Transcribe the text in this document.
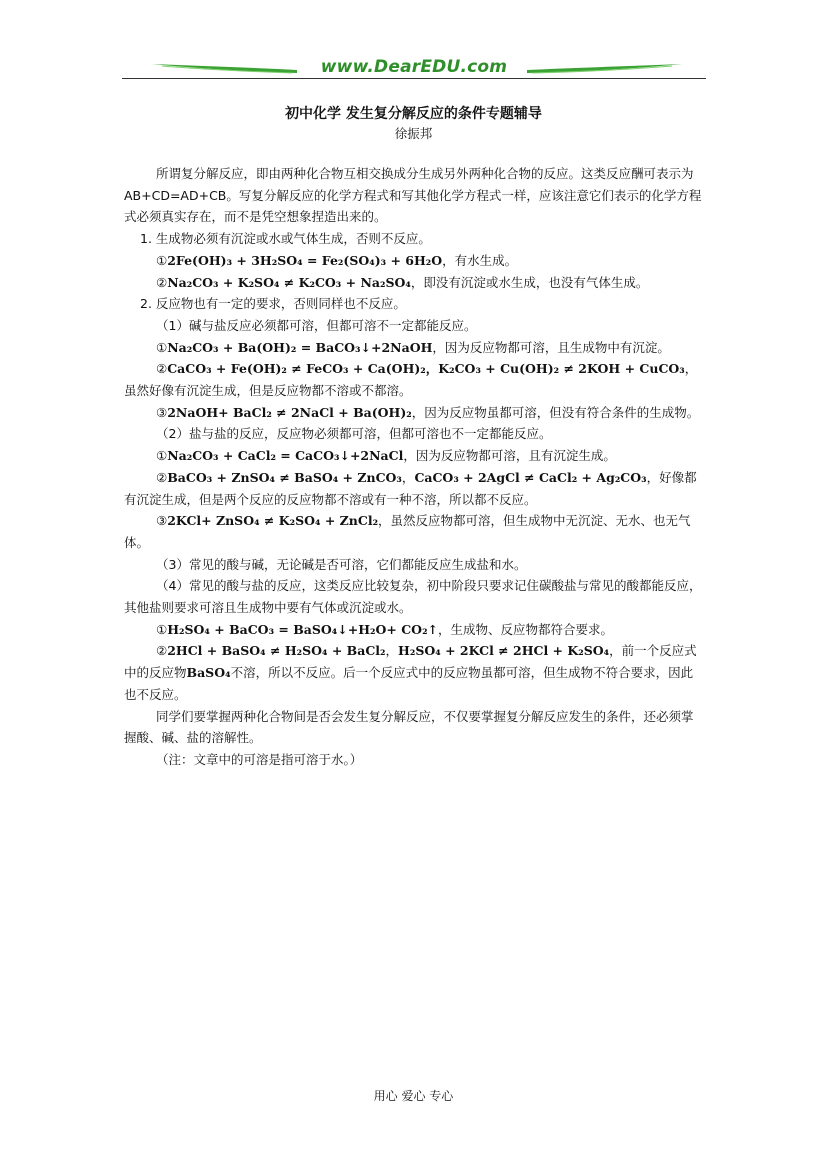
www.DearEDU.com
初中化学 发生复分解反应的条件专题辅导
徐振邦

所谓复分解反应，即由两种化合物互相交换成分生成另外两种化合物的反应。这类反应酬可表示为 AB+CD=AD+CB。写复分解反应的化学方程式和写其他化学方程式一样，应该注意它们表示的化学方程式必须真实存在，而不是凭空想象捏造出来的。

1. 生成物必须有沉淀或水或气体生成，否则不反应。

①2Fe(OH)₃ + 3H₂SO₄ = Fe₂(SO₄)₃ + 6H₂O，有水生成。

②Na₂CO₃ + K₂SO₄ ≠ K₂CO₃ + Na₂SO₄，即没有沉淀或水生成，也没有气体生成。

2. 反应物也有一定的要求，否则同样也不反应。

（1）碱与盐反应必须都可溶，但都可溶不一定都能反应。

①Na₂CO₃ + Ba(OH)₂ = BaCO₃↓+2NaOH，因为反应物都可溶，且生成物中有沉淀。

②CaCO₃ + Fe(OH)₂ ≠ FeCO₃ + Ca(OH)₂，K₂CO₃ + Cu(OH)₂ ≠ 2KOH + CuCO₃，虽然好像有沉淀生成，但是反应物都不溶或不都溶。

③2NaOH+ BaCl₂ ≠ 2NaCl + Ba(OH)₂，因为反应物虽都可溶，但没有符合条件的生成物。

（2）盐与盐的反应，反应物必须都可溶，但都可溶也不一定都能反应。

①Na₂CO₃ + CaCl₂ = CaCO₃↓+2NaCl，因为反应物都可溶，且有沉淀生成。

②BaCO₃ + ZnSO₄ ≠ BaSO₄ + ZnCO₃，CaCO₃ + 2AgCl ≠ CaCl₂ + Ag₂CO₃，好像都有沉淀生成，但是两个反应的反应物都不溶或有一种不溶，所以都不反应。

③2KCl+ ZnSO₄ ≠ K₂SO₄ + ZnCl₂，虽然反应物都可溶，但生成物中无沉淀、无水、也无气体。

（3）常见的酸与碱，无论碱是否可溶，它们都能反应生成盐和水。

（4）常见的酸与盐的反应，这类反应比较复杂，初中阶段只要求记住碳酸盐与常见的酸都能反应，其他盐则要求可溶且生成物中要有气体或沉淀或水。

①H₂SO₄ + BaCO₃ = BaSO₄↓+H₂O+ CO₂↑，生成物、反应物都符合要求。

②2HCl + BaSO₄ ≠ H₂SO₄ + BaCl₂，H₂SO₄ + 2KCl ≠ 2HCl + K₂SO₄，前一个反应式中的反应物BaSO₄不溶，所以不反应。后一个反应式中的反应物虽都可溶，但生成物不符合要求，因此也不反应。

同学们要掌握两种化合物间是否会发生复分解反应，不仅要掌握复分解反应发生的条件，还必须掌握酸、碱、盐的溶解性。

（注：文章中的可溶是指可溶于水。）

用心 爱心 专心
